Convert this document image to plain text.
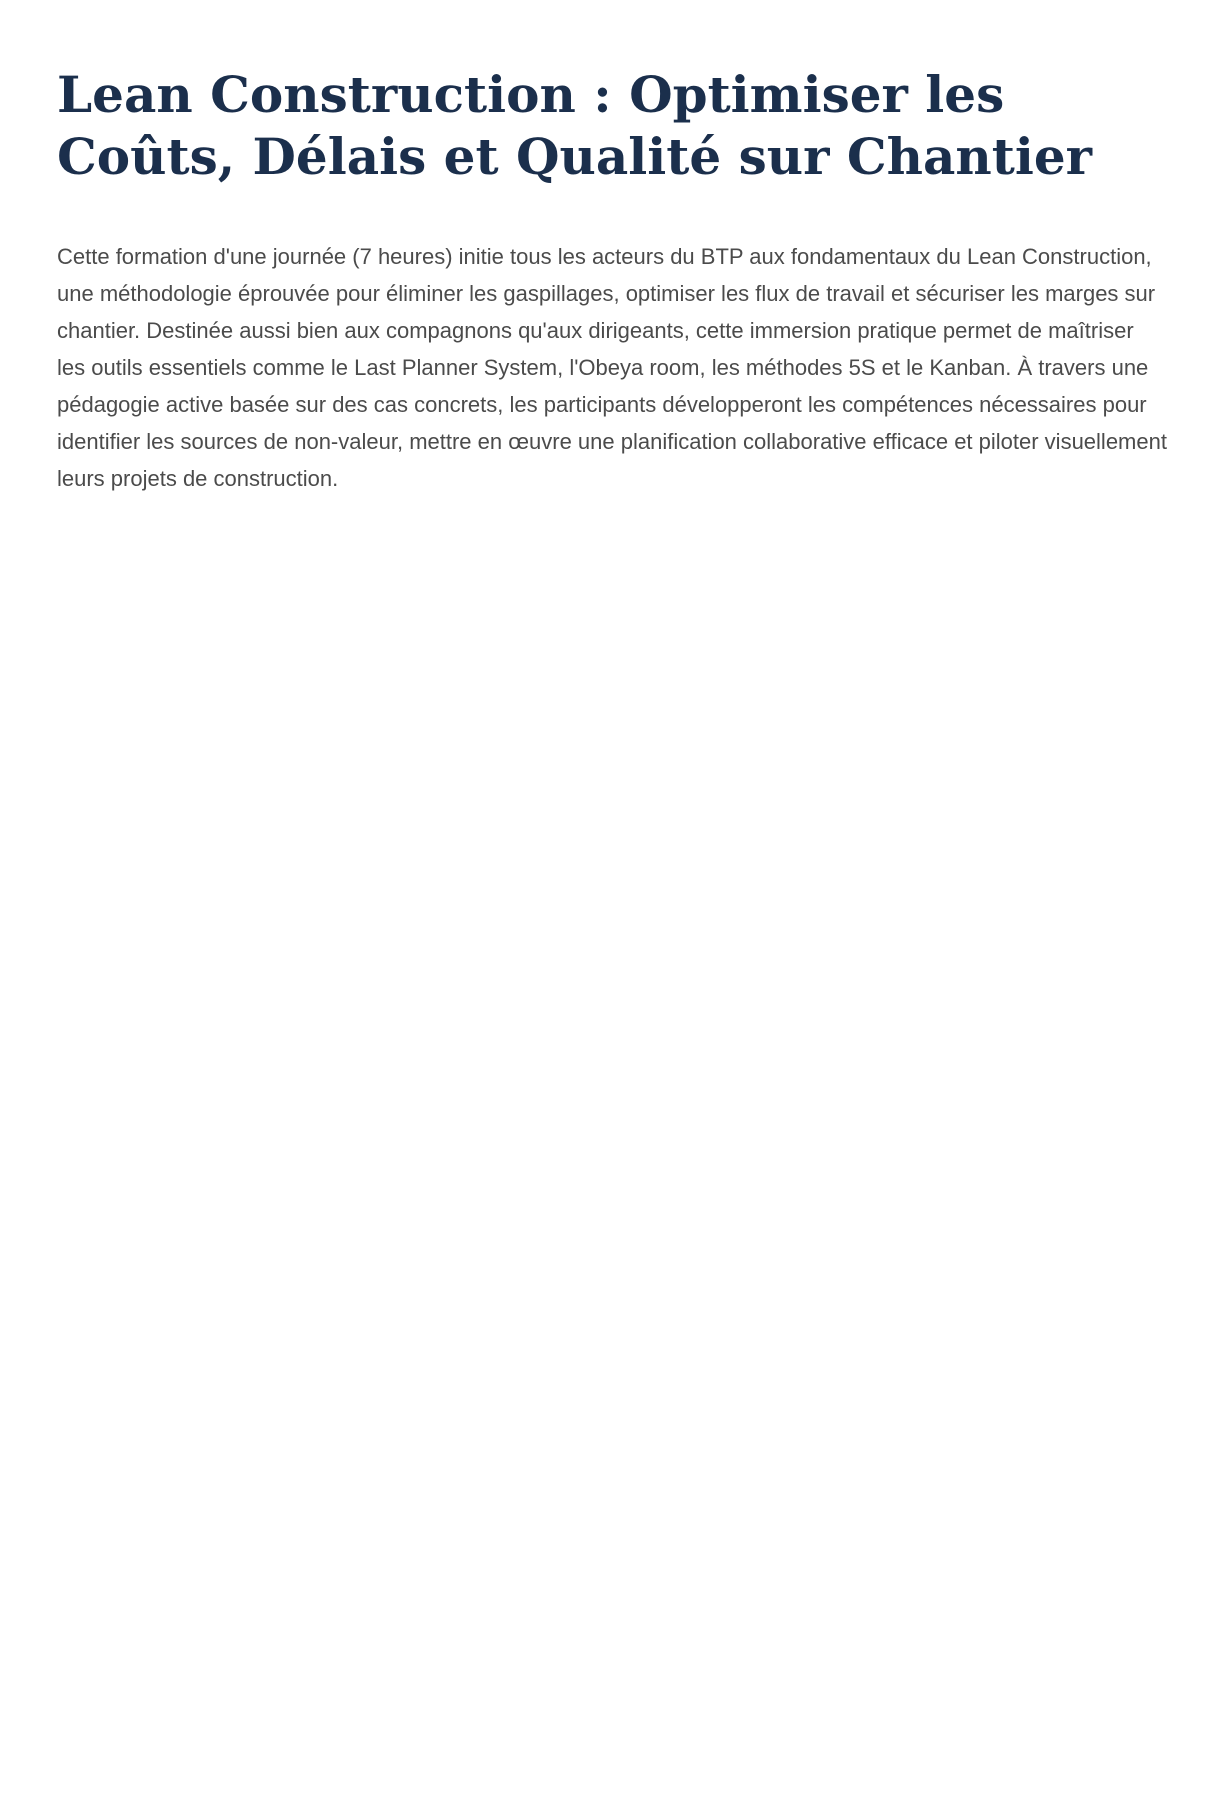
Lean Construction : Optimiser les Coûts, Délais et Qualité sur Chantier

Cette formation d'une journée (7 heures) initie tous les acteurs du BTP aux fondamentaux du Lean Construction, une méthodologie éprouvée pour éliminer les gaspillages, optimiser les flux de travail et sécuriser les marges sur chantier. Destinée aussi bien aux compagnons qu'aux dirigeants, cette immersion pratique permet de maîtriser les outils essentiels comme le Last Planner System, l'Obeya room, les méthodes 5S et le Kanban. À travers une pédagogie active basée sur des cas concrets, les participants développeront les compétences nécessaires pour identifier les sources de non-valeur, mettre en œuvre une planification collaborative efficace et piloter visuellement leurs projets de construction.
